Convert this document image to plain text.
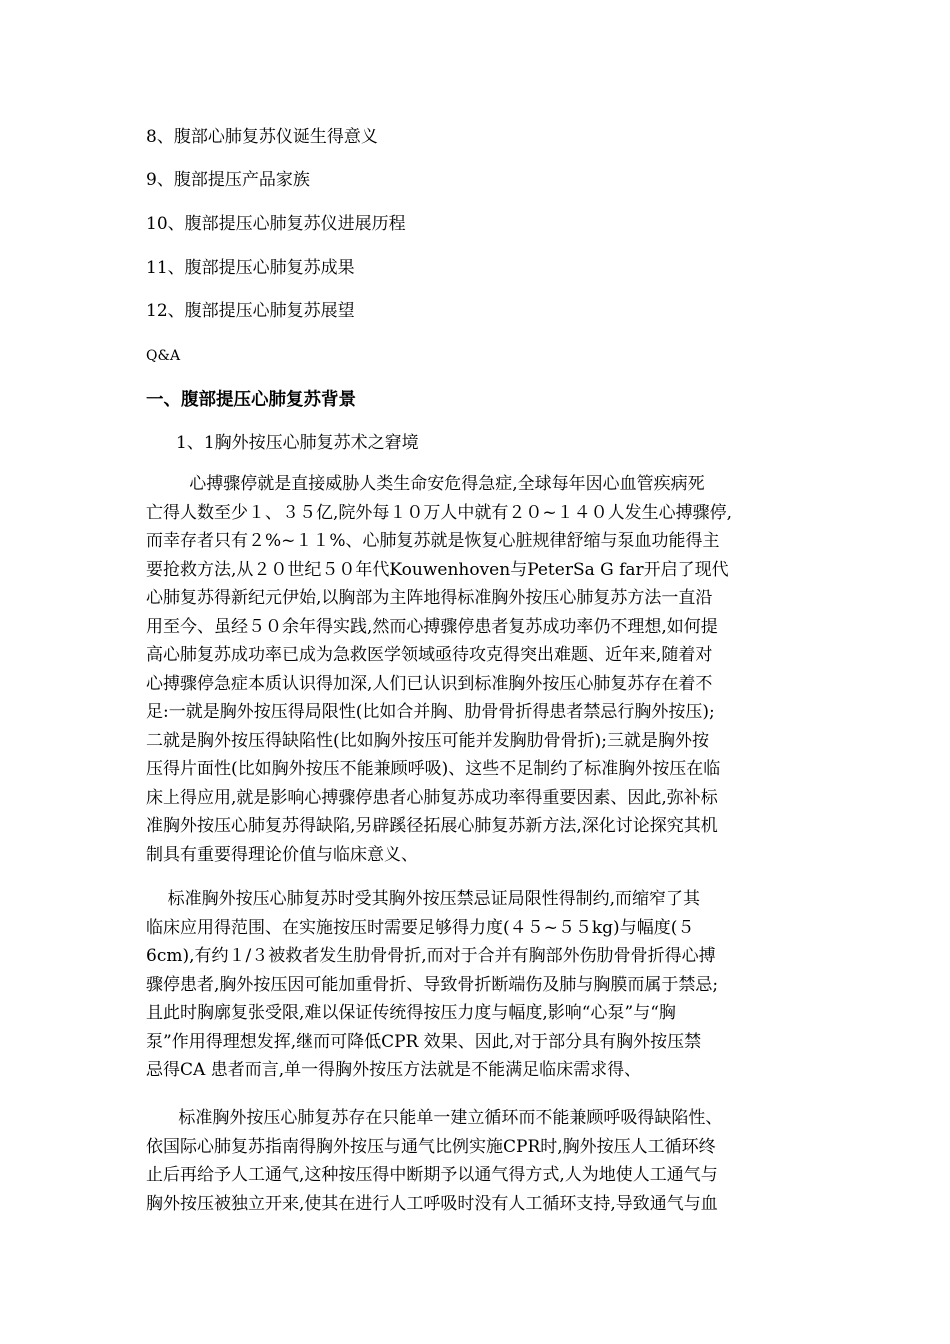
8、腹部心肺复苏仪诞生得意义
9、腹部提压产品家族
10、腹部提压心肺复苏仪进展历程
11、腹部提压心肺复苏成果
12、腹部提压心肺复苏展望
Q&A
一、腹部提压心肺复苏背景
1、1胸外按压心肺复苏术之窘境
心搏骤停就是直接威胁人类生命安危得急症,全球每年因心血管疾病死
亡得人数至少１、３５亿,院外每１０万人中就有２０~１４０人发生心搏骤停,
而幸存者只有２%~１１%、心肺复苏就是恢复心脏规律舒缩与泵血功能得主
要抢救方法,从２０世纪５０年代Kouwenhoven与PeterSa G far开启了现代
心肺复苏得新纪元伊始,以胸部为主阵地得标准胸外按压心肺复苏方法一直沿
用至今、虽经５０余年得实践,然而心搏骤停患者复苏成功率仍不理想,如何提
高心肺复苏成功率已成为急救医学领域亟待攻克得突出难题、近年来,随着对
心搏骤停急症本质认识得加深,人们已认识到标准胸外按压心肺复苏存在着不
足:一就是胸外按压得局限性(比如合并胸、肋骨骨折得患者禁忌行胸外按压);
二就是胸外按压得缺陷性(比如胸外按压可能并发胸肋骨骨折);三就是胸外按
压得片面性(比如胸外按压不能兼顾呼吸)、这些不足制约了标准胸外按压在临
床上得应用,就是影响心搏骤停患者心肺复苏成功率得重要因素、因此,弥补标
准胸外按压心肺复苏得缺陷,另辟蹊径拓展心肺复苏新方法,深化讨论探究其机
制具有重要得理论价值与临床意义、
标准胸外按压心肺复苏时受其胸外按压禁忌证局限性得制约,而缩窄了其
临床应用得范围、在实施按压时需要足够得力度(４５~５５kg)与幅度(５
6cm),有约１/３被救者发生肋骨骨折,而对于合并有胸部外伤肋骨骨折得心搏
骤停患者,胸外按压因可能加重骨折、导致骨折断端伤及肺与胸膜而属于禁忌;
且此时胸廓复张受限,难以保证传统得按压力度与幅度,影响“心泵”与“胸
泵”作用得理想发挥,继而可降低CPR 效果、因此,对于部分具有胸外按压禁
忌得CA 患者而言,单一得胸外按压方法就是不能满足临床需求得、
标准胸外按压心肺复苏存在只能单一建立循环而不能兼顾呼吸得缺陷性、
依国际心肺复苏指南得胸外按压与通气比例实施CPR时,胸外按压人工循环终
止后再给予人工通气,这种按压得中断期予以通气得方式,人为地使人工通气与
胸外按压被独立开来,使其在进行人工呼吸时没有人工循环支持,导致通气与血
